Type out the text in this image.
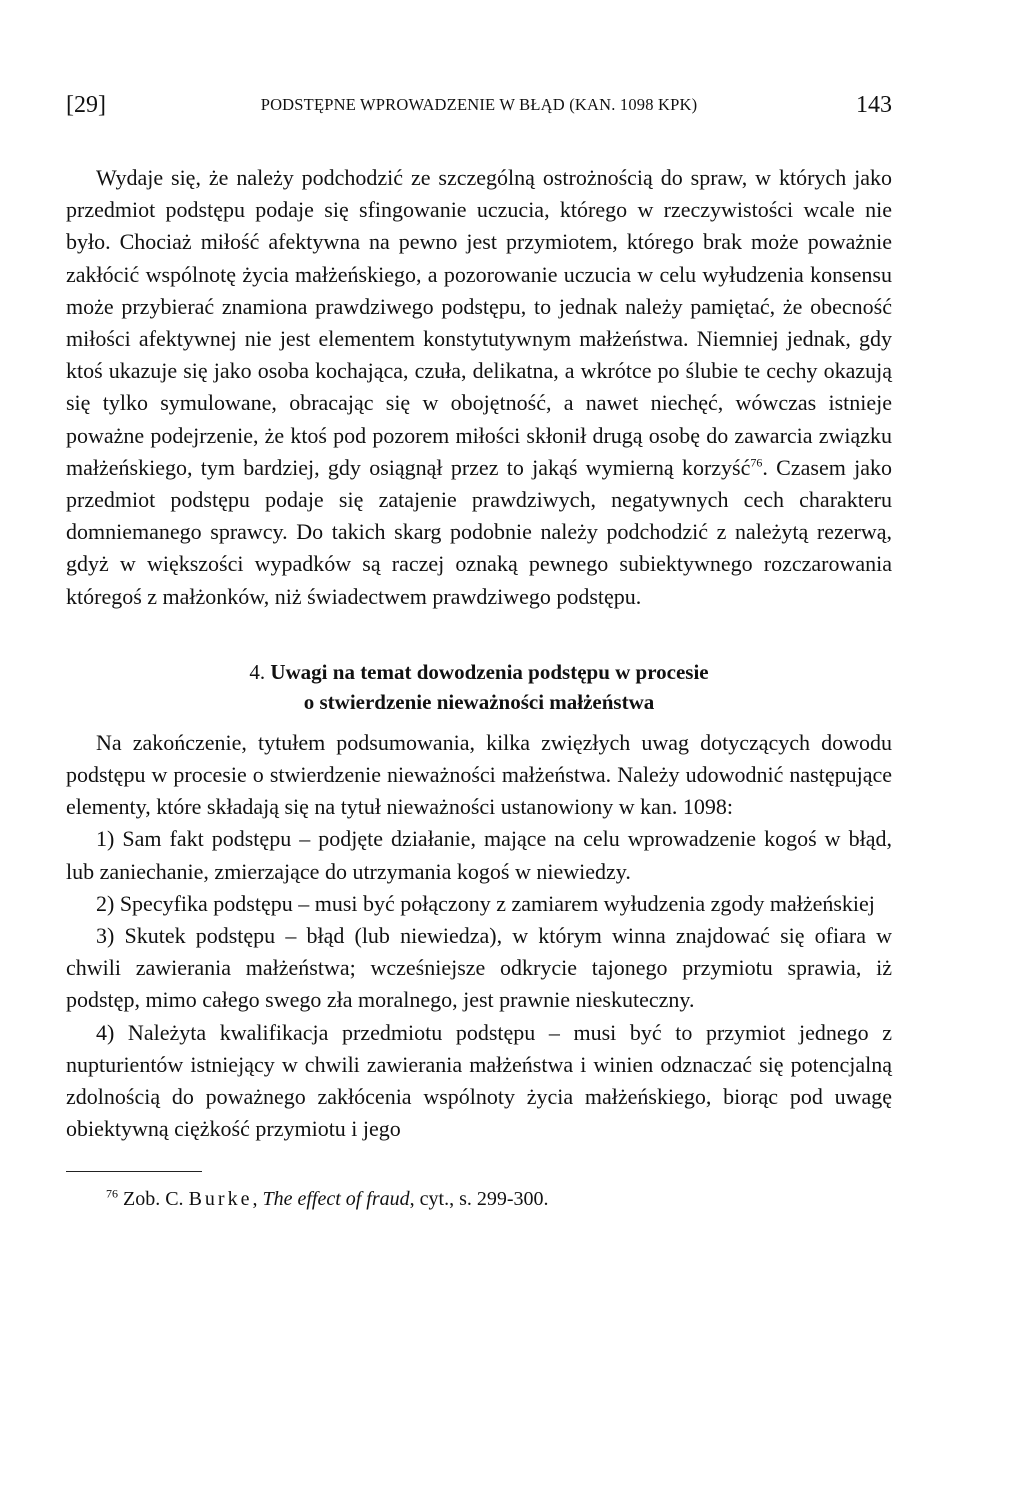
[29]	PODSTĘPNE WPROWADZENIE W BŁĄD (KAN. 1098 KPK)	143

Wydaje się, że należy podchodzić ze szczególną ostrożnością do spraw, w których jako przedmiot podstępu podaje się sfingowanie uczucia, którego w rzeczywistości wcale nie było. Chociaż miłość afektywna na pewno jest przymiotem, którego brak może poważnie zakłócić wspólnotę życia małżeńskiego, a pozorowanie uczucia w celu wyłudzenia konsensu może przybierać znamiona prawdziwego podstępu, to jednak należy pamiętać, że obecność miłości afektywnej nie jest elementem konstytutywnym małżeństwa. Niemniej jednak, gdy ktoś ukazuje się jako osoba kochająca, czuła, delikatna, a wkrótce po ślubie te cechy okazują się tylko symulowane, obracając się w obojętność, a nawet niechęć, wówczas istnieje poważne podejrzenie, że ktoś pod pozorem miłości skłonił drugą osobę do zawarcia związku małżeńskiego, tym bardziej, gdy osiągnął przez to jakąś wymierną korzyść$^{76}$. Czasem jako przedmiot podstępu podaje się zatajenie prawdziwych, negatywnych cech charakteru domniemanego sprawcy. Do takich skarg podobnie należy podchodzić z należytą rezerwą, gdyż w większości wypadków są raczej oznaką pewnego subiektywnego rozczarowania któregoś z małżonków, niż świadectwem prawdziwego podstępu.

4. Uwagi na temat dowodzenia podstępu w procesie
o stwierdzenie nieważności małżeństwa

Na zakończenie, tytułem podsumowania, kilka zwięzłych uwag dotyczących dowodu podstępu w procesie o stwierdzenie nieważności małżeństwa. Należy udowodnić następujące elementy, które składają się na tytuł nieważności ustanowiony w kan. 1098:

1) Sam fakt podstępu – podjęte działanie, mające na celu wprowadzenie kogoś w błąd, lub zaniechanie, zmierzające do utrzymania kogoś w niewiedzy.

2) Specyfika podstępu – musi być połączony z zamiarem wyłudzenia zgody małżeńskiej

3) Skutek podstępu – błąd (lub niewiedza), w którym winna znajdować się ofiara w chwili zawierania małżeństwa; wcześniejsze odkrycie tajonego przymiotu sprawia, iż podstęp, mimo całego swego zła moralnego, jest prawnie nieskuteczny.

4) Należyta kwalifikacja przedmiotu podstępu – musi być to przymiot jednego z nupturientów istniejący w chwili zawierania małżeństwa i winien odznaczać się potencjalną zdolnością do poważnego zakłócenia wspólnoty życia małżeńskiego, biorąc pod uwagę obiektywną ciężkość przymiotu i jego

$^{76}$ Zob. C. Burke, The effect of fraud, cyt., s. 299-300.
